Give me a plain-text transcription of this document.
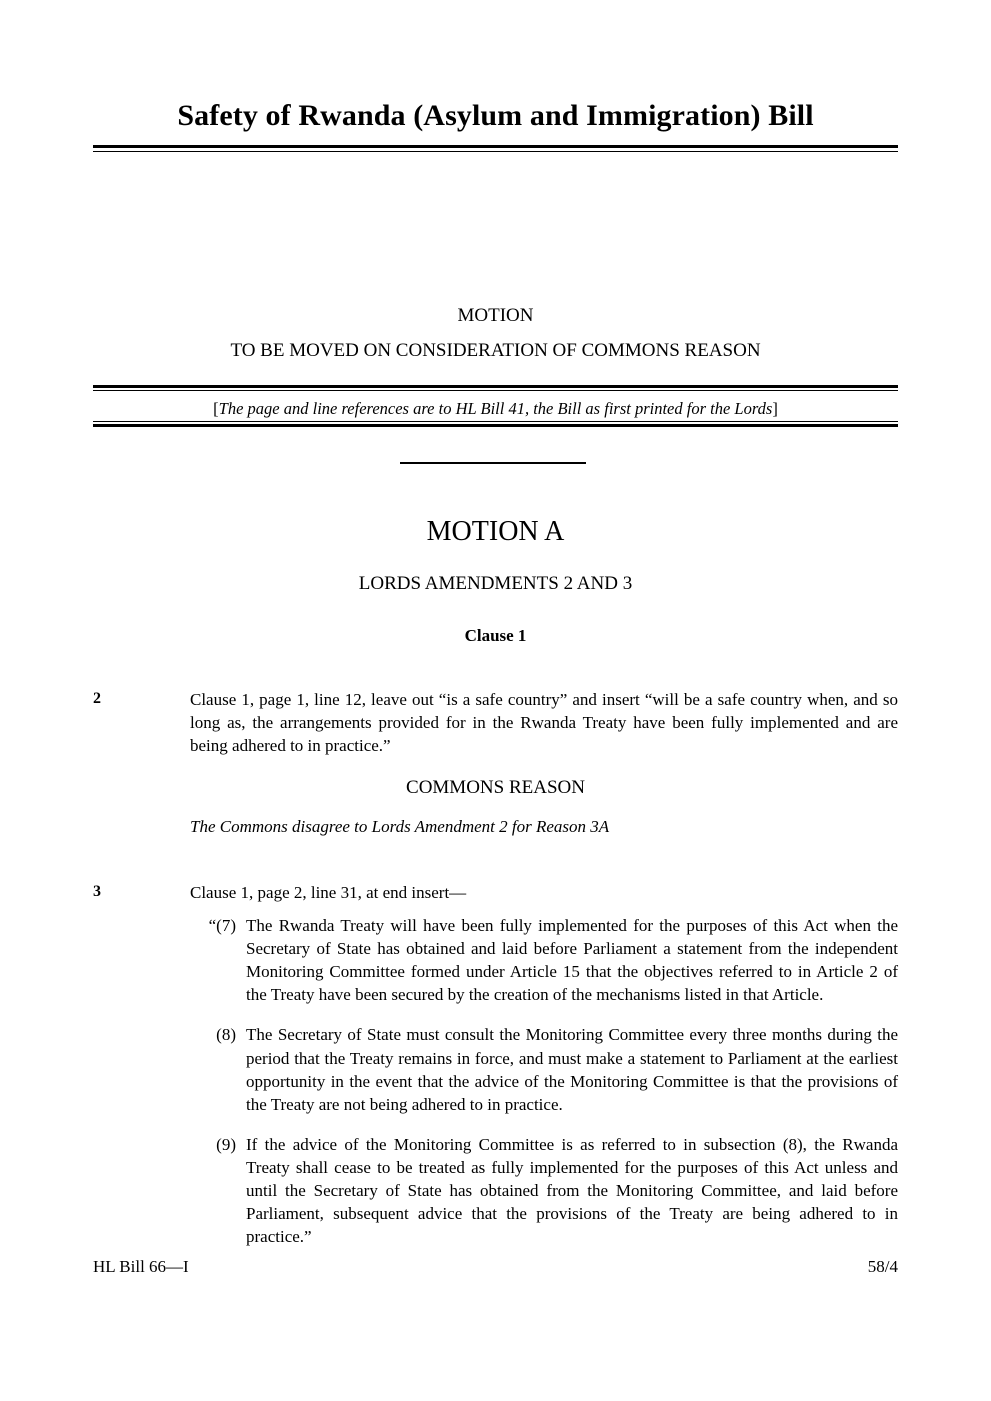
Safety of Rwanda (Asylum and Immigration) Bill
MOTION
TO BE MOVED ON CONSIDERATION OF COMMONS REASON
[The page and line references are to HL Bill 41, the Bill as first printed for the Lords]
MOTION A
LORDS AMENDMENTS 2 AND 3
Clause 1
2	Clause 1, page 1, line 12, leave out “is a safe country” and insert “will be a safe country when, and so long as, the arrangements provided for in the Rwanda Treaty have been fully implemented and are being adhered to in practice.”
COMMONS REASON
The Commons disagree to Lords Amendment 2 for Reason 3A
3	Clause 1, page 2, line 31, at end insert—
“(7) The Rwanda Treaty will have been fully implemented for the purposes of this Act when the Secretary of State has obtained and laid before Parliament a statement from the independent Monitoring Committee formed under Article 15 that the objectives referred to in Article 2 of the Treaty have been secured by the creation of the mechanisms listed in that Article.
(8) The Secretary of State must consult the Monitoring Committee every three months during the period that the Treaty remains in force, and must make a statement to Parliament at the earliest opportunity in the event that the advice of the Monitoring Committee is that the provisions of the Treaty are not being adhered to in practice.
(9) If the advice of the Monitoring Committee is as referred to in subsection (8), the Rwanda Treaty shall cease to be treated as fully implemented for the purposes of this Act unless and until the Secretary of State has obtained from the Monitoring Committee, and laid before Parliament, subsequent advice that the provisions of the Treaty are being adhered to in practice.”
HL Bill 66—I	58/4
